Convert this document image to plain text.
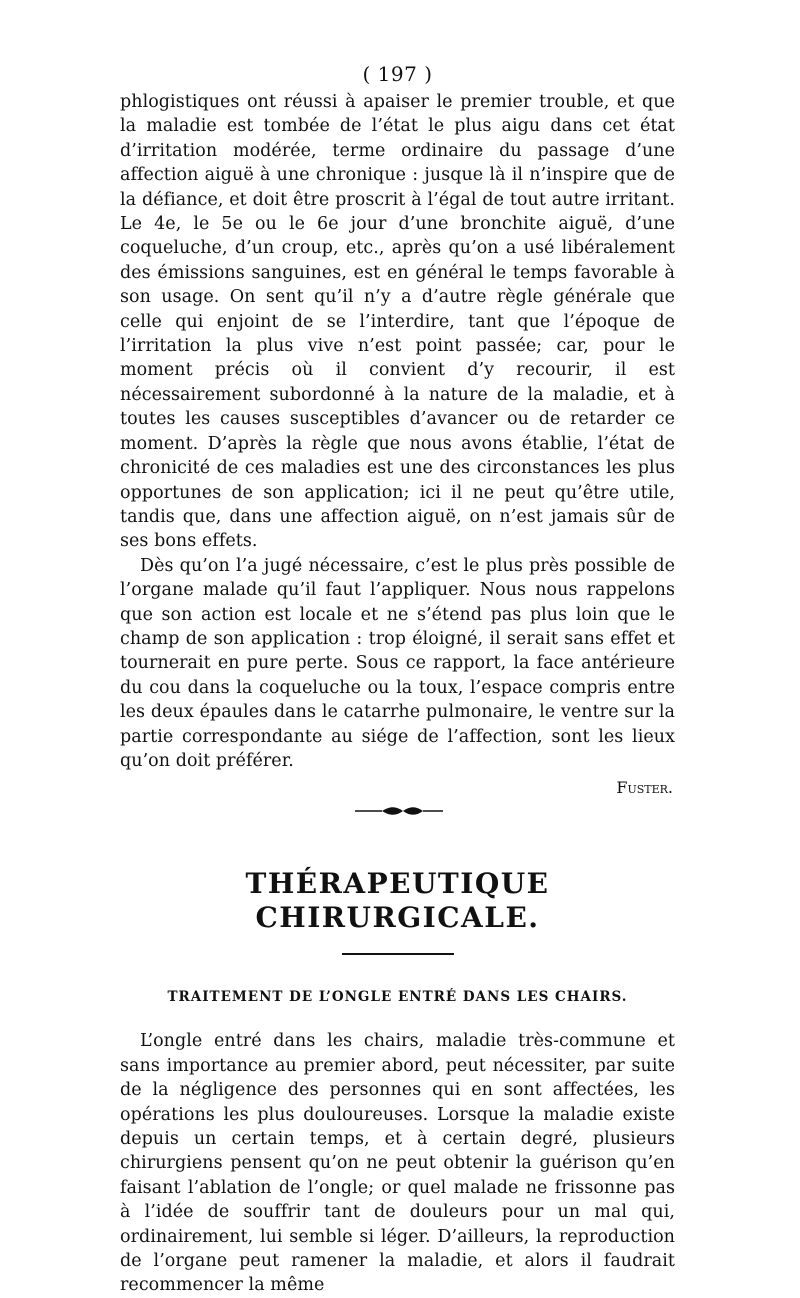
( 197 )

phlogistiques ont réussi à apaiser le premier trouble, et que la maladie est tombée de l’état le plus aigu dans cet état d’irritation modérée, terme ordinaire du passage d’une affection aiguë à une chronique : jusque là il n’inspire que de la défiance, et doit être proscrit à l’égal de tout autre irritant. Le 4e, le 5e ou le 6e jour d’une bronchite aiguë, d’une coqueluche, d’un croup, etc., après qu’on a usé libéralement des émissions sanguines, est en général le temps favorable à son usage. On sent qu’il n’y a d’autre règle générale que celle qui enjoint de se l’interdire, tant que l’époque de l’irritation la plus vive n’est point passée; car, pour le moment précis où il convient d’y recourir, il est nécessairement subordonné à la nature de la maladie, et à toutes les causes susceptibles d’avancer ou de retarder ce moment. D’après la règle que nous avons établie, l’état de chronicité de ces maladies est une des circonstances les plus opportunes de son application; ici il ne peut qu’être utile, tandis que, dans une affection aiguë, on n’est jamais sûr de ses bons effets.

Dès qu’on l’a jugé nécessaire, c’est le plus près possible de l’organe malade qu’il faut l’appliquer. Nous nous rappelons que son action est locale et ne s’étend pas plus loin que le champ de son application : trop éloigné, il serait sans effet et tournerait en pure perte. Sous ce rapport, la face antérieure du cou dans la coqueluche ou la toux, l’espace compris entre les deux épaules dans le catarrhe pulmonaire, le ventre sur la partie correspondante au siége de l’affection, sont les lieux qu’on doit préférer.

Fuster.
THÉRAPEUTIQUE CHIRURGICALE.
TRAITEMENT DE L’ONGLE ENTRÉ DANS LES CHAIRS.

L’ongle entré dans les chairs, maladie très-commune et sans importance au premier abord, peut nécessiter, par suite de la négligence des personnes qui en sont affectées, les opérations les plus douloureuses. Lorsque la maladie existe depuis un certain temps, et à certain degré, plusieurs chirurgiens pensent qu’on ne peut obtenir la guérison qu’en faisant l’ablation de l’ongle; or quel malade ne frissonne pas à l’idée de souffrir tant de douleurs pour un mal qui, ordinairement, lui semble si léger. D’ailleurs, la reproduction de l’organe peut ramener la maladie, et alors il faudrait recommencer la même
